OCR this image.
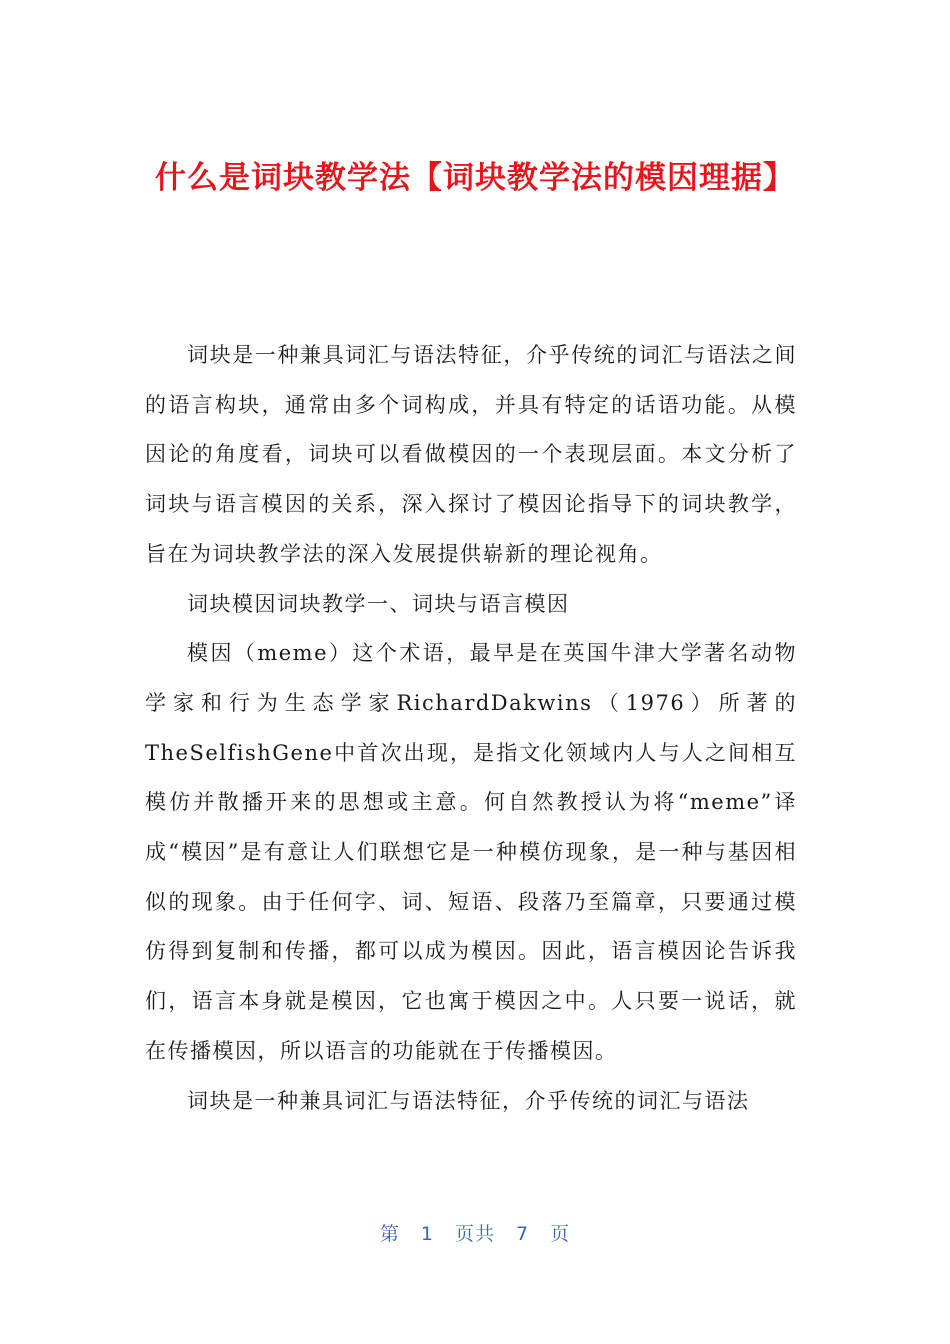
什么是词块教学法【词块教学法的模因理据】

词块是一种兼具词汇与语法特征，介乎传统的词汇与语法之间的语言构块，通常由多个词构成，并具有特定的话语功能。从模因论的角度看，词块可以看做模因的一个表现层面。本文分析了词块与语言模因的关系，深入探讨了模因论指导下的词块教学，旨在为词块教学法的深入发展提供崭新的理论视角。

词块模因词块教学一、词块与语言模因

模因（meme）这个术语，最早是在英国牛津大学著名动物学家和行为生态学家RichardDakwins（1976）所著的TheSelfishGene中首次出现，是指文化领域内人与人之间相互模仿并散播开来的思想或主意。何自然教授认为将“meme”译成“模因”是有意让人们联想它是一种模仿现象，是一种与基因相似的现象。由于任何字、词、短语、段落乃至篇章，只要通过模仿得到复制和传播，都可以成为模因。因此，语言模因论告诉我们，语言本身就是模因，它也寓于模因之中。人只要一说话，就在传播模因，所以语言的功能就在于传播模因。

词块是一种兼具词汇与语法特征，介乎传统的词汇与语法

第 1 页共 7 页
